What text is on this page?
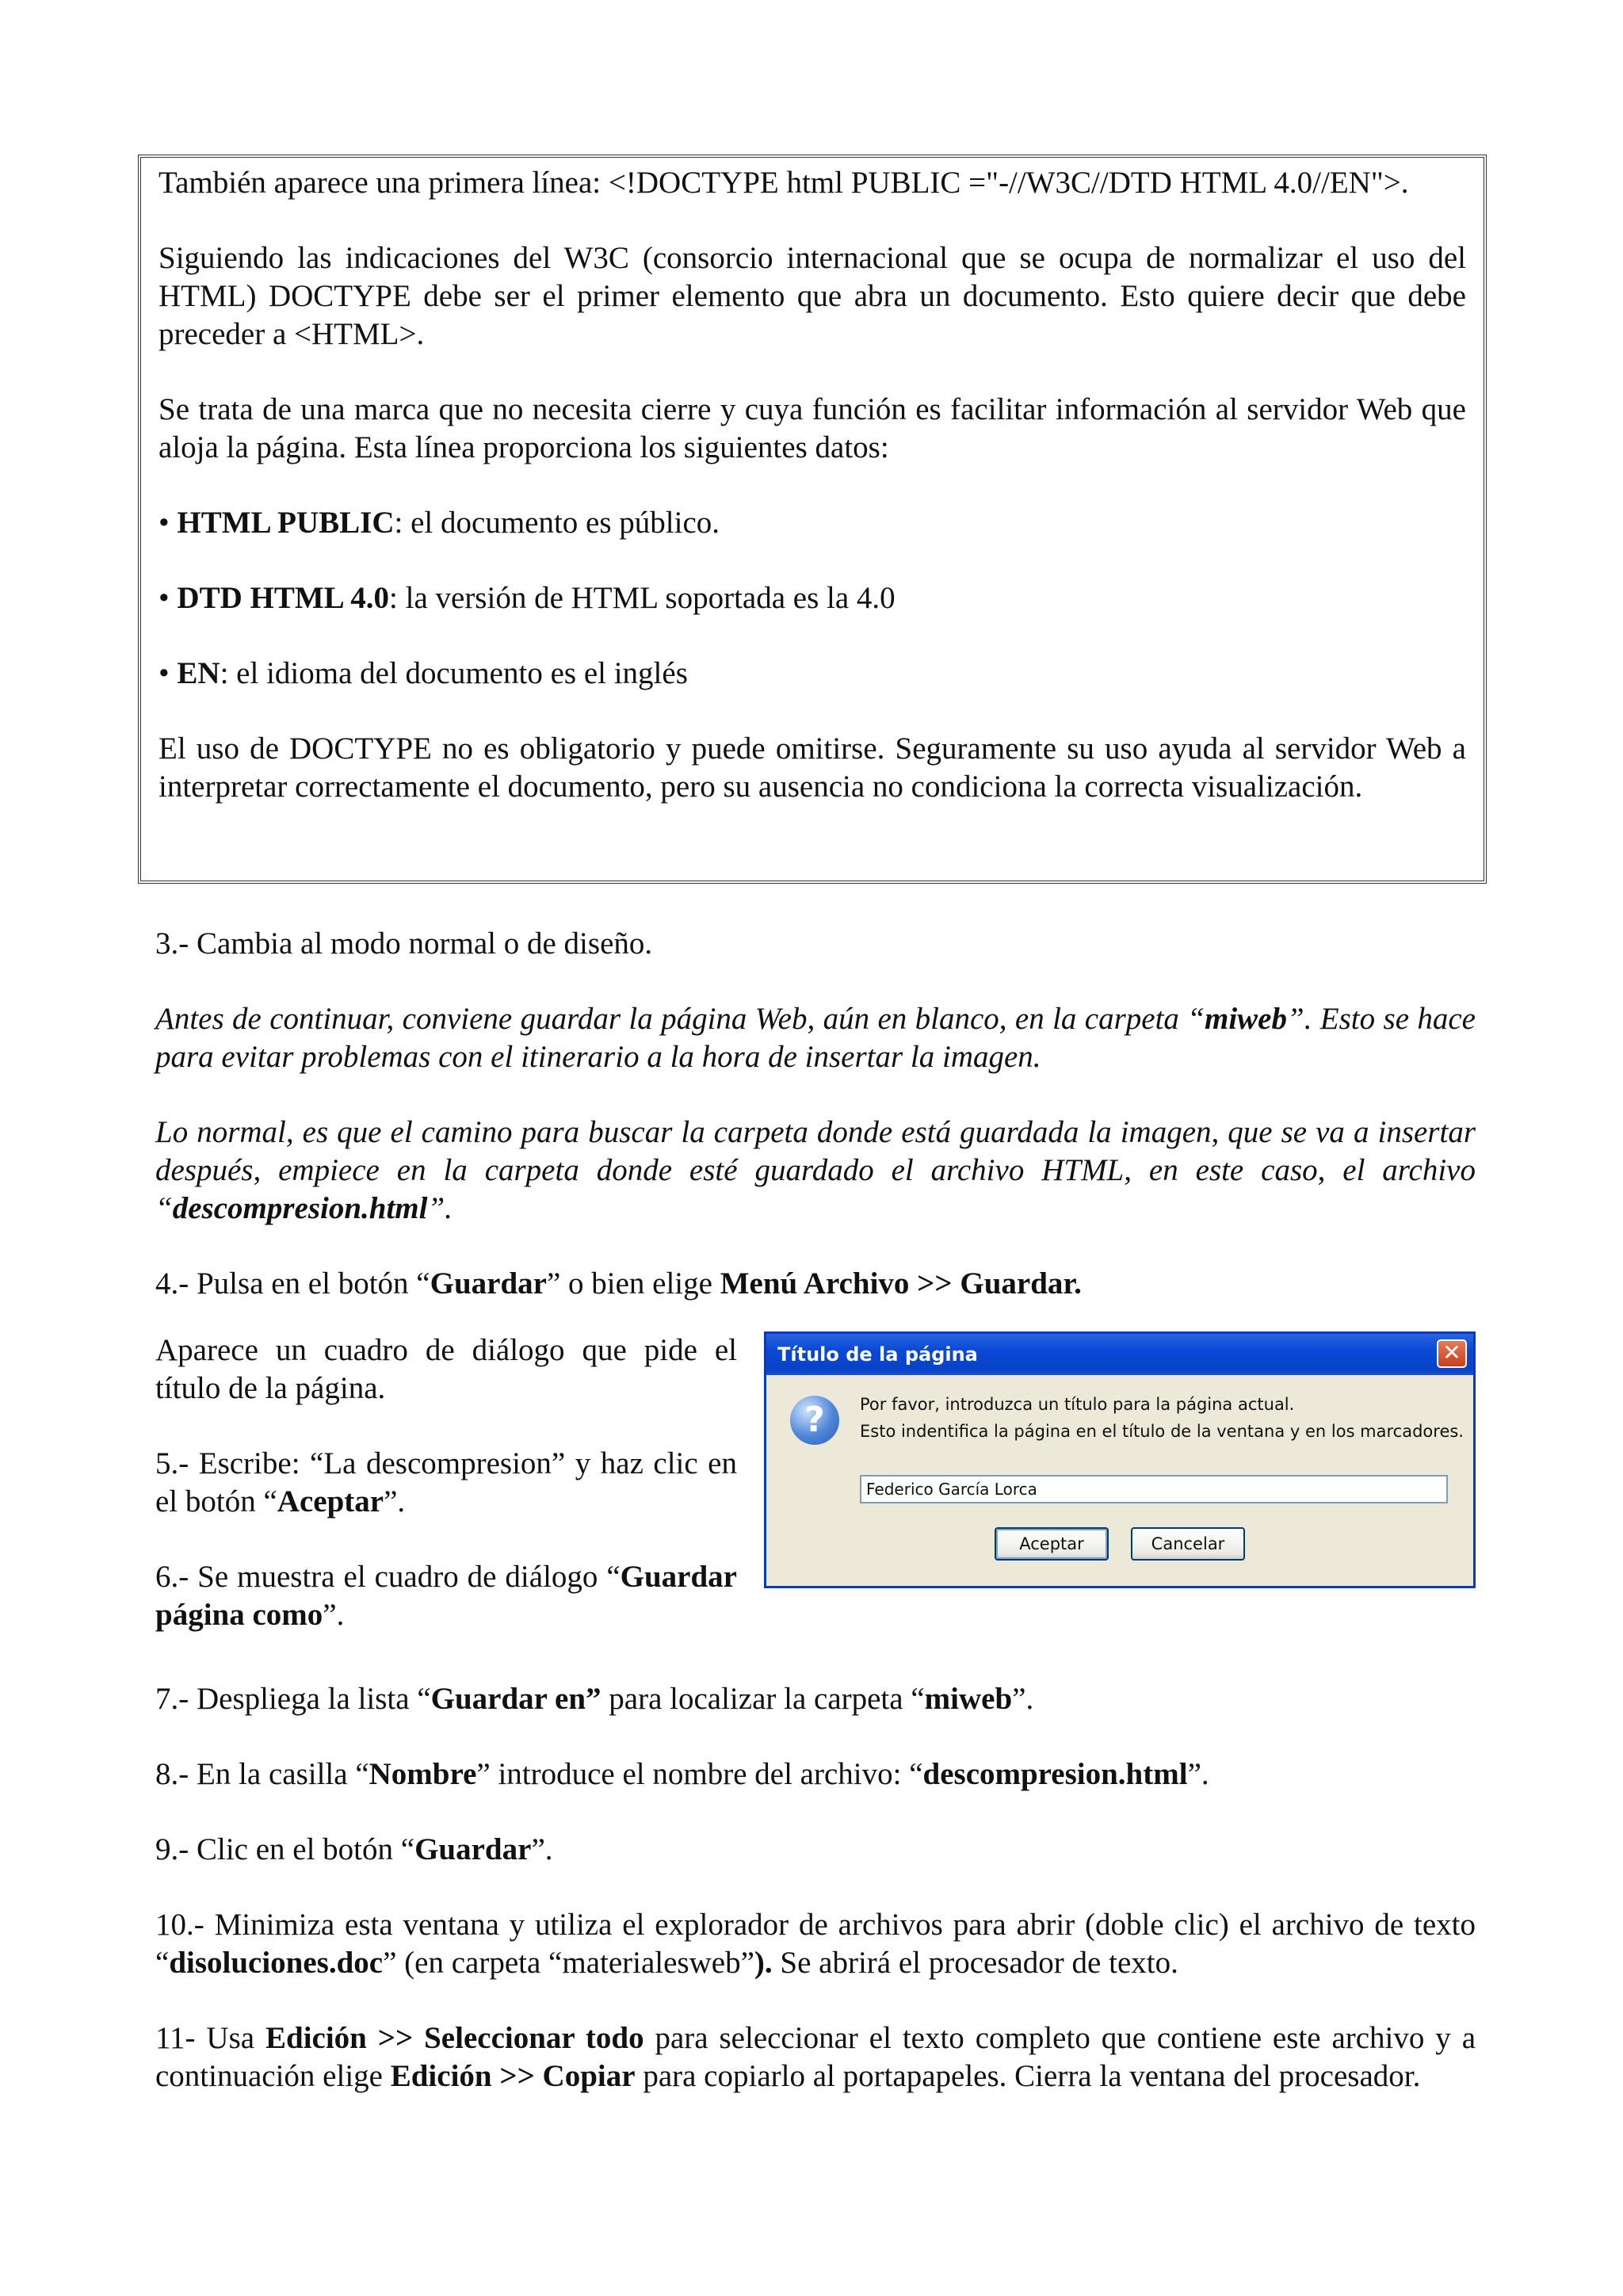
También aparece una primera línea: <!DOCTYPE html PUBLIC ="-//W3C//DTD HTML 4.0//EN">.

Siguiendo las indicaciones del W3C (consorcio internacional que se ocupa de normalizar el uso del HTML) DOCTYPE debe ser el primer elemento que abra un documento. Esto quiere decir que debe preceder a <HTML>.

Se trata de una marca que no necesita cierre y cuya función es facilitar información al servidor Web que aloja la página. Esta línea proporciona los siguientes datos:

• HTML PUBLIC: el documento es público.

• DTD HTML 4.0: la versión de HTML soportada es la 4.0

• EN: el idioma del documento es el inglés

El uso de DOCTYPE no es obligatorio y puede omitirse. Seguramente su uso ayuda al servidor Web a interpretar correctamente el documento, pero su ausencia no condiciona la correcta visualización.

3.- Cambia al modo normal o de diseño.

Antes de continuar, conviene guardar la página Web, aún en blanco, en la carpeta “miweb”. Esto se hace para evitar problemas con el itinerario a la hora de insertar la imagen.

Lo normal, es que el camino para buscar la carpeta donde está guardada la imagen, que se va a insertar después, empiece en la carpeta donde esté guardado el archivo HTML, en este caso, el archivo “descompresion.html”.

4.- Pulsa en el botón “Guardar” o bien elige Menú Archivo >> Guardar.

Aparece un cuadro de diálogo que pide el título de la página.

5.- Escribe: “La descompresion” y haz clic en el botón “Aceptar”.

6.- Se muestra el cuadro de diálogo “Guardar página como”.

Título de la página	✕
?	Por favor, introduzca un título para la página actual.
Esto indentifica la página en el título de la ventana y en los marcadores.
Federico García Lorca
Aceptar	Cancelar

7.- Despliega la lista “Guardar en” para localizar la carpeta “miweb”.

8.- En la casilla “Nombre” introduce el nombre del archivo: “descompresion.html”.

9.- Clic en el botón “Guardar”.

10.- Minimiza esta ventana y utiliza el explorador de archivos para abrir (doble clic) el archivo de texto “disoluciones.doc” (en carpeta “materialesweb”). Se abrirá el procesador de texto.

11- Usa Edición >> Seleccionar todo para seleccionar el texto completo que contiene este archivo y a continuación elige Edición >> Copiar para copiarlo al portapapeles. Cierra la ventana del procesador.
